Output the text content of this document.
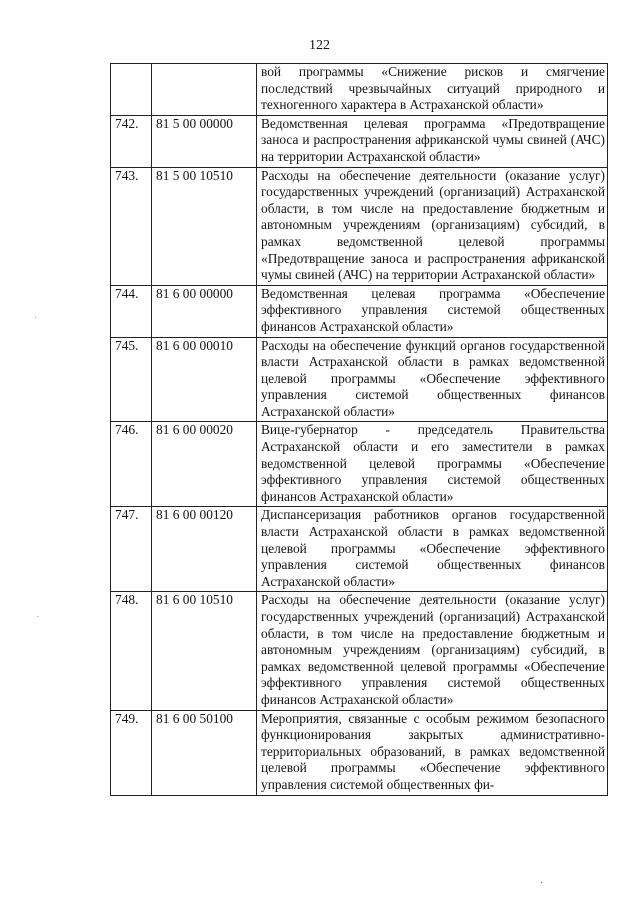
122
·
·
		вой программы «Снижение рисков и смягчение последствий чрезвычайных ситуаций природного и техногенного характера в Астраханской области»
742.	81 5 00 00000	Ведомственная целевая программа «Предотвращение заноса и распространения африканской чумы свиней (АЧС) на территории Астраханской области»
743.	81 5 00 10510	Расходы на обеспечение деятельности (оказание услуг) государственных учреждений (организаций) Астраханской области, в том числе на предоставление бюджетным и автономным учреждениям (организациям) субсидий, в рамках ведомственной целевой программы «Предотвращение заноса и распространения африканской чумы свиней (АЧС) на территории Астраханской области»
744.	81 6 00 00000	Ведомственная целевая программа «Обеспечение эффективного управления системой общественных финансов Астраханской области»
745.	81 6 00 00010	Расходы на обеспечение функций органов государственной власти Астраханской области в рамках ведомственной целевой программы «Обеспечение эффективного управления системой общественных финансов Астраханской области»
746.	81 6 00 00020	Вице-губернатор - председатель Правительства Астраханской области и его заместители в рамках ведомственной целевой программы «Обеспечение эффективного управления системой общественных финансов Астраханской области»
747.	81 6 00 00120	Диспансеризация работников органов государственной власти Астраханской области в рамках ведомственной целевой программы «Обеспечение эффективного управления системой общественных финансов Астраханской области»
748.	81 6 00 10510	Расходы на обеспечение деятельности (оказание услуг) государственных учреждений (организаций) Астраханской области, в том числе на предоставление бюджетным и автономным учреждениям (организациям) субсидий, в рамках ведомственной целевой программы «Обеспечение эффективного управления системой общественных финансов Астраханской области»
749.	81 6 00 50100	Мероприятия, связанные с особым режимом безопасного функционирования закрытых административно-территориальных образований, в рамках ведомственной целевой программы «Обеспечение эффективного управления системой общественных фи-
·
